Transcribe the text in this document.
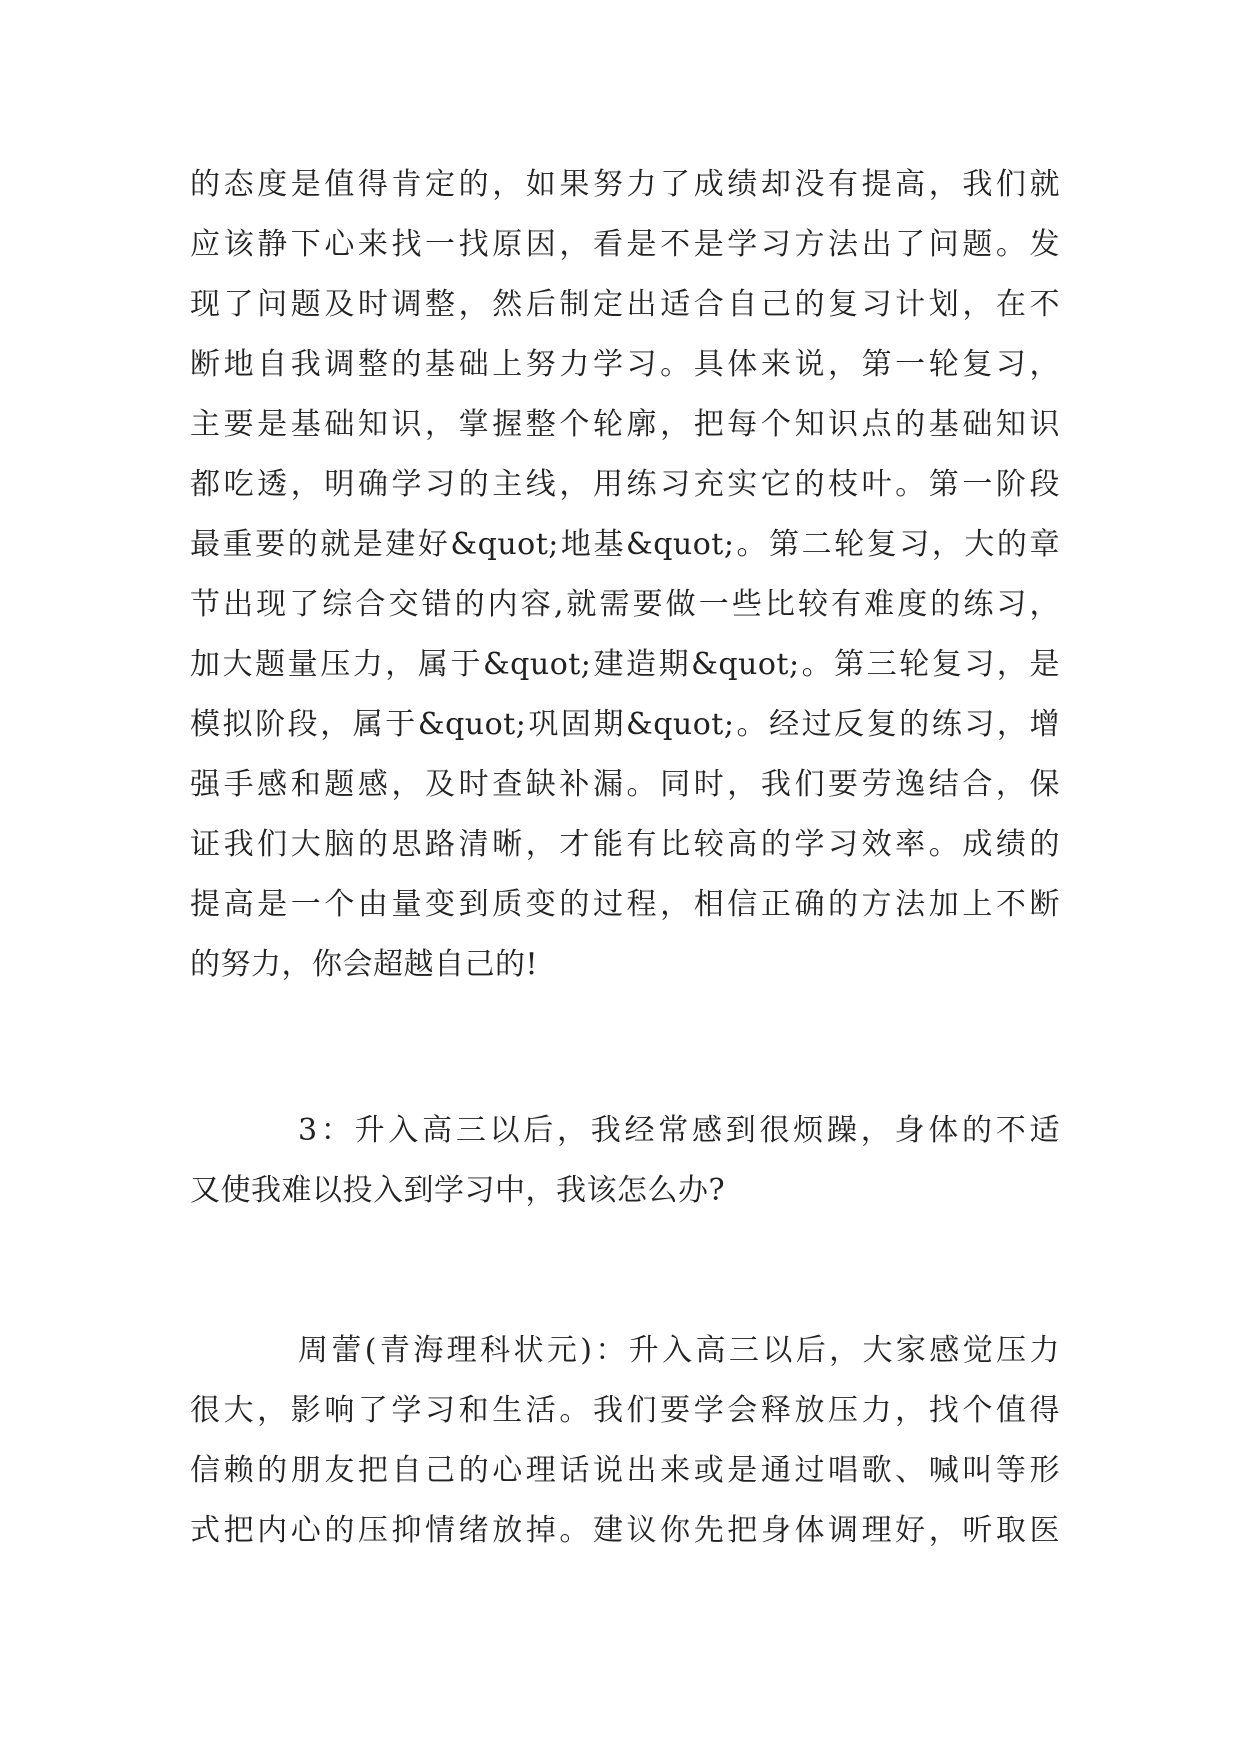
的态度是值得肯定的，如果努力了成绩却没有提高，我们就
应该静下心来找一找原因，看是不是学习方法出了问题。发
现了问题及时调整，然后制定出适合自己的复习计划，在不
断地自我调整的基础上努力学习。具体来说，第一轮复习，
主要是基础知识，掌握整个轮廓，把每个知识点的基础知识
都吃透，明确学习的主线，用练习充实它的枝叶。第一阶段
最重要的就是建好&quot;地基&quot;。第二轮复习，大的章
节出现了综合交错的内容,就需要做一些比较有难度的练习，
加大题量压力，属于&quot;建造期&quot;。第三轮复习，是
模拟阶段，属于&quot;巩固期&quot;。经过反复的练习，增
强手感和题感，及时查缺补漏。同时，我们要劳逸结合，保
证我们大脑的思路清晰，才能有比较高的学习效率。成绩的
提高是一个由量变到质变的过程，相信正确的方法加上不断
的努力，你会超越自己的!
3：升入高三以后，我经常感到很烦躁，身体的不适
又使我难以投入到学习中，我该怎么办?
周蕾(青海理科状元)：升入高三以后，大家感觉压力
很大，影响了学习和生活。我们要学会释放压力，找个值得
信赖的朋友把自己的心理话说出来或是通过唱歌、喊叫等形
式把内心的压抑情绪放掉。建议你先把身体调理好，听取医
